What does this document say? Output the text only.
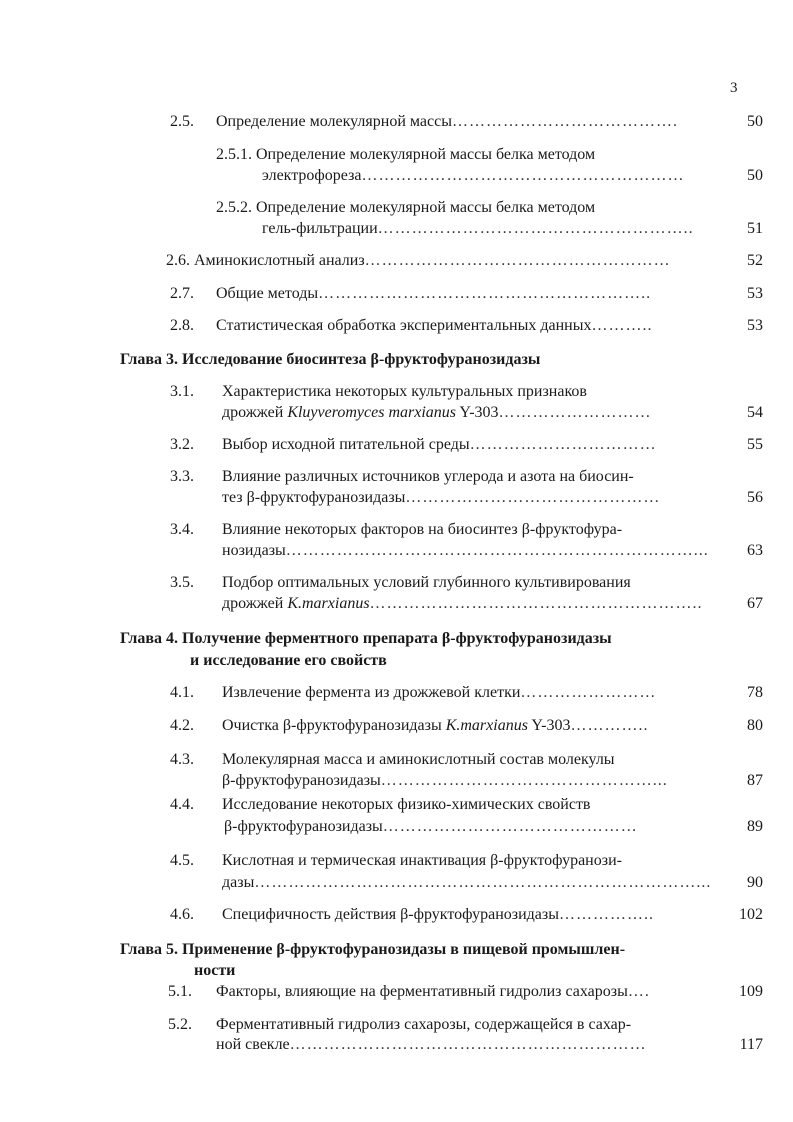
3
2.5. Определение молекулярной массы………………………………….	50
2.5.1. Определение молекулярной массы белка методом
электрофореза…………………………………………………	50
2.5.2. Определение молекулярной массы белка методом
гель-фильтрации………………………………………………..	51
2.6. Аминокислотный анализ………………………………………………	52
2.7. Общие методы…………………………………………………..	53
2.8. Статистическая обработка экспериментальных данных………..	53
Глава 3. Исследование биосинтеза β-фруктофуранозидазы
3.1. Характеристика некоторых культуральных признаков
дрожжей Kluyveromyces marxianus Y-303………………………	54
3.2. Выбор исходной питательной среды……………………………	55
3.3. Влияние различных источников углерода и азота на биосин-
тез β-фруктофуранозидазы………………………………………	56
3.4. Влияние некоторых факторов на биосинтез β-фруктофура-
нозидазы………………………………………………………………... 63
3.5. Подбор оптимальных условий глубинного культивирования
дрожжей K.marxianus…………………………………………………..	67
Глава 4. Получение ферментного препарата β-фруктофуранозидазы
и исследование его свойств
4.1. Извлечение фермента из дрожжевой клетки……………………	78
4.2. Очистка β-фруктофуранозидазы K.marxianus Y-303…………..	80
4.3. Молекулярная масса и аминокислотный состав молекулы
β-фруктофуранозидазы…………………………………………...	87
4.4. Исследование некоторых физико-химических свойств
β-фруктофуранозидазы………………………………………	89
4.5. Кислотная и термическая инактивация β-фруктофуранози-
дазы……………………………………………………………………... 90
4.6. Специфичность действия β-фруктофуранозидазы……………..	102
Глава 5. Применение β-фруктофуранозидазы в пищевой промышлен-
ности
5.1. Факторы, влияющие на ферментативный гидролиз сахарозы….	109
5.2. Ферментативный гидролиз сахарозы, содержащейся в сахар-
ной свекле………………………………………………………	117
